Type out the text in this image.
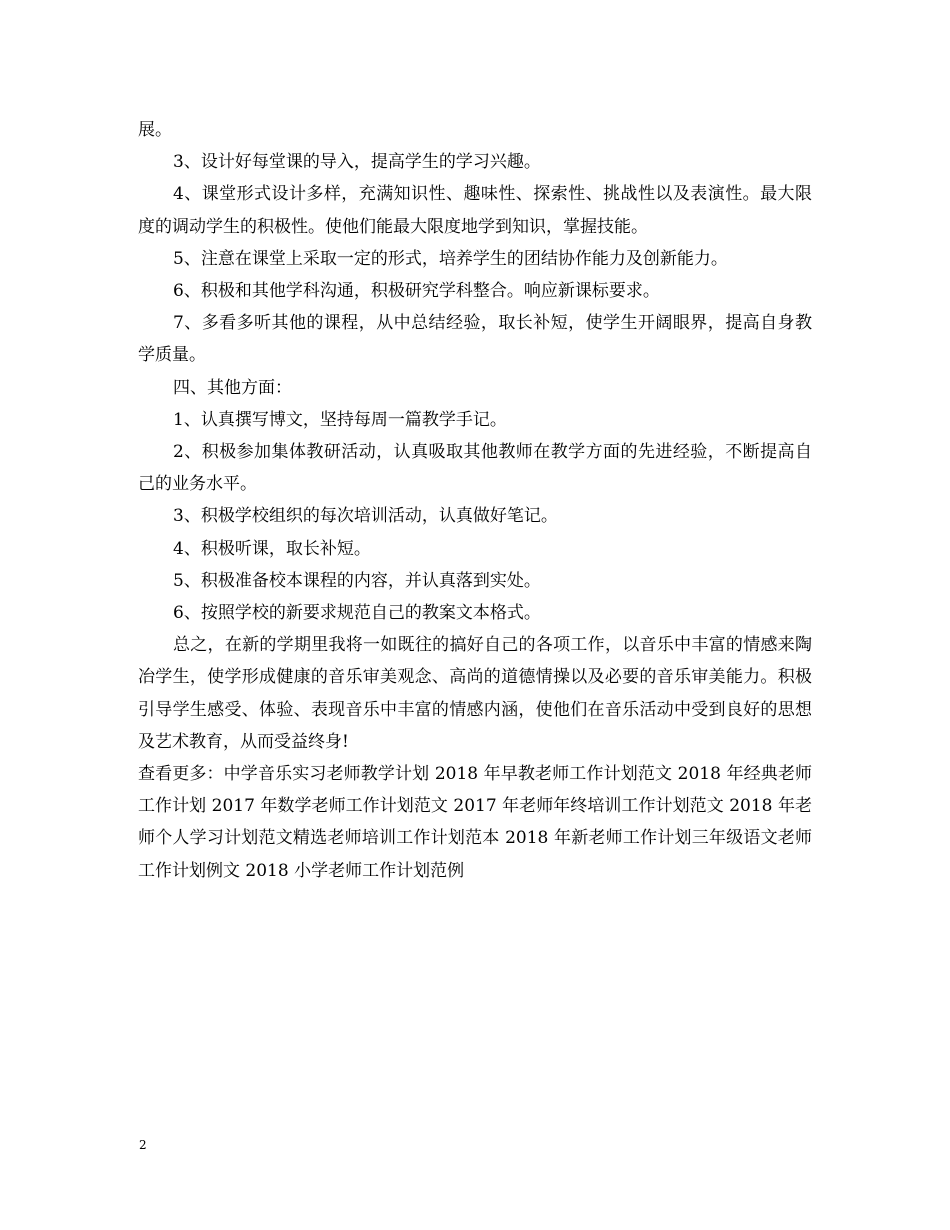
展。

3、设计好每堂课的导入，提高学生的学习兴趣。

4、课堂形式设计多样，充满知识性、趣味性、探索性、挑战性以及表演性。最大限度的调动学生的积极性。使他们能最大限度地学到知识，掌握技能。

5、注意在课堂上采取一定的形式，培养学生的团结协作能力及创新能力。

6、积极和其他学科沟通，积极研究学科整合。响应新课标要求。

7、多看多听其他的课程，从中总结经验，取长补短，使学生开阔眼界，提高自身教学质量。

四、其他方面：

1、认真撰写博文，坚持每周一篇教学手记。

2、积极参加集体教研活动，认真吸取其他教师在教学方面的先进经验，不断提高自己的业务水平。

3、积极学校组织的每次培训活动，认真做好笔记。

4、积极听课，取长补短。

5、积极准备校本课程的内容，并认真落到实处。

6、按照学校的新要求规范自己的教案文本格式。

总之，在新的学期里我将一如既往的搞好自己的各项工作，以音乐中丰富的情感来陶冶学生，使学形成健康的音乐审美观念、高尚的道德情操以及必要的音乐审美能力。积极引导学生感受、体验、表现音乐中丰富的情感内涵，使他们在音乐活动中受到良好的思想及艺术教育，从而受益终身!

查看更多：中学音乐实习老师教学计划 2018 年早教老师工作计划范文 2018 年经典老师工作计划 2017 年数学老师工作计划范文 2017 年老师年终培训工作计划范文 2018 年老师个人学习计划范文精选老师培训工作计划范本 2018 年新老师工作计划三年级语文老师工作计划例文 2018 小学老师工作计划范例

2
